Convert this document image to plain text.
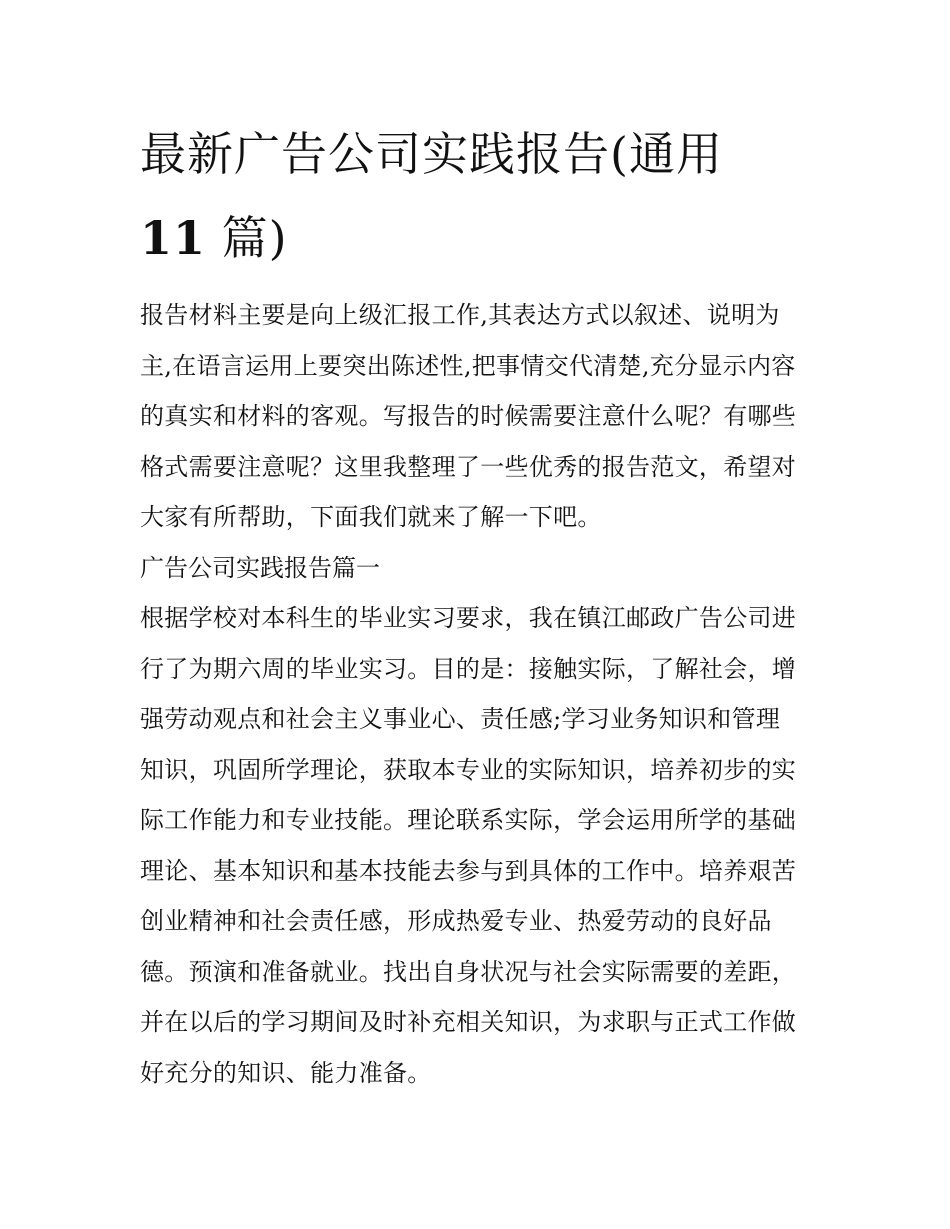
最新广告公司实践报告(通用
11 篇)
报告材料主要是向上级汇报工作,其表达方式以叙述、说明为
主,在语言运用上要突出陈述性,把事情交代清楚,充分显示内容
的真实和材料的客观。写报告的时候需要注意什么呢？有哪些
格式需要注意呢？这里我整理了一些优秀的报告范文，希望对
大家有所帮助，下面我们就来了解一下吧。
广告公司实践报告篇一
根据学校对本科生的毕业实习要求，我在镇江邮政广告公司进
行了为期六周的毕业实习。目的是：接触实际，了解社会，增
强劳动观点和社会主义事业心、责任感;学习业务知识和管理
知识，巩固所学理论，获取本专业的实际知识，培养初步的实
际工作能力和专业技能。理论联系实际，学会运用所学的基础
理论、基本知识和基本技能去参与到具体的工作中。培养艰苦
创业精神和社会责任感，形成热爱专业、热爱劳动的良好品
德。预演和准备就业。找出自身状况与社会实际需要的差距，
并在以后的学习期间及时补充相关知识，为求职与正式工作做
好充分的知识、能力准备。
